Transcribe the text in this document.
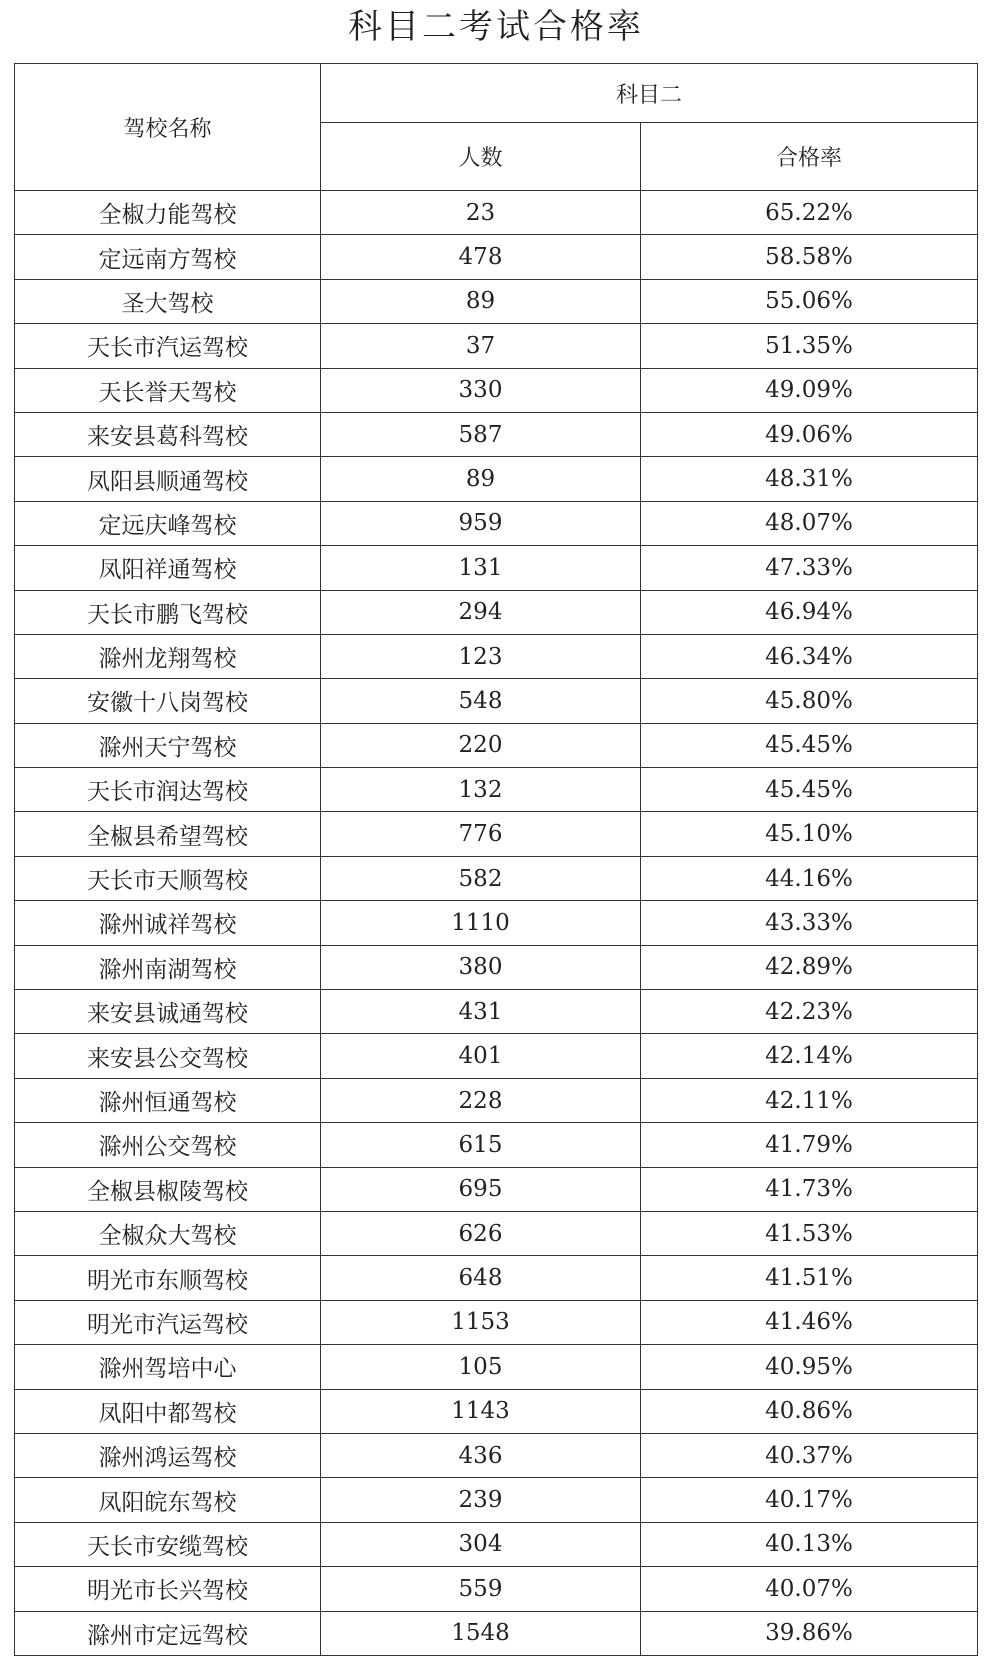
科目二考试合格率
驾校名称	科目二	
	人数	合格率
全椒力能驾校	23	65.22%
定远南方驾校	478	58.58%
圣大驾校	89	55.06%
天长市汽运驾校	37	51.35%
天长誉天驾校	330	49.09%
来安县葛科驾校	587	49.06%
凤阳县顺通驾校	89	48.31%
定远庆峰驾校	959	48.07%
凤阳祥通驾校	131	47.33%
天长市鹏飞驾校	294	46.94%
滁州龙翔驾校	123	46.34%
安徽十八岗驾校	548	45.80%
滁州天宁驾校	220	45.45%
天长市润达驾校	132	45.45%
全椒县希望驾校	776	45.10%
天长市天顺驾校	582	44.16%
滁州诚祥驾校	1110	43.33%
滁州南湖驾校	380	42.89%
来安县诚通驾校	431	42.23%
来安县公交驾校	401	42.14%
滁州恒通驾校	228	42.11%
滁州公交驾校	615	41.79%
全椒县椒陵驾校	695	41.73%
全椒众大驾校	626	41.53%
明光市东顺驾校	648	41.51%
明光市汽运驾校	1153	41.46%
滁州驾培中心	105	40.95%
凤阳中都驾校	1143	40.86%
滁州鸿运驾校	436	40.37%
凤阳皖东驾校	239	40.17%
天长市安缆驾校	304	40.13%
明光市长兴驾校	559	40.07%
滁州市定远驾校	1548	39.86%
